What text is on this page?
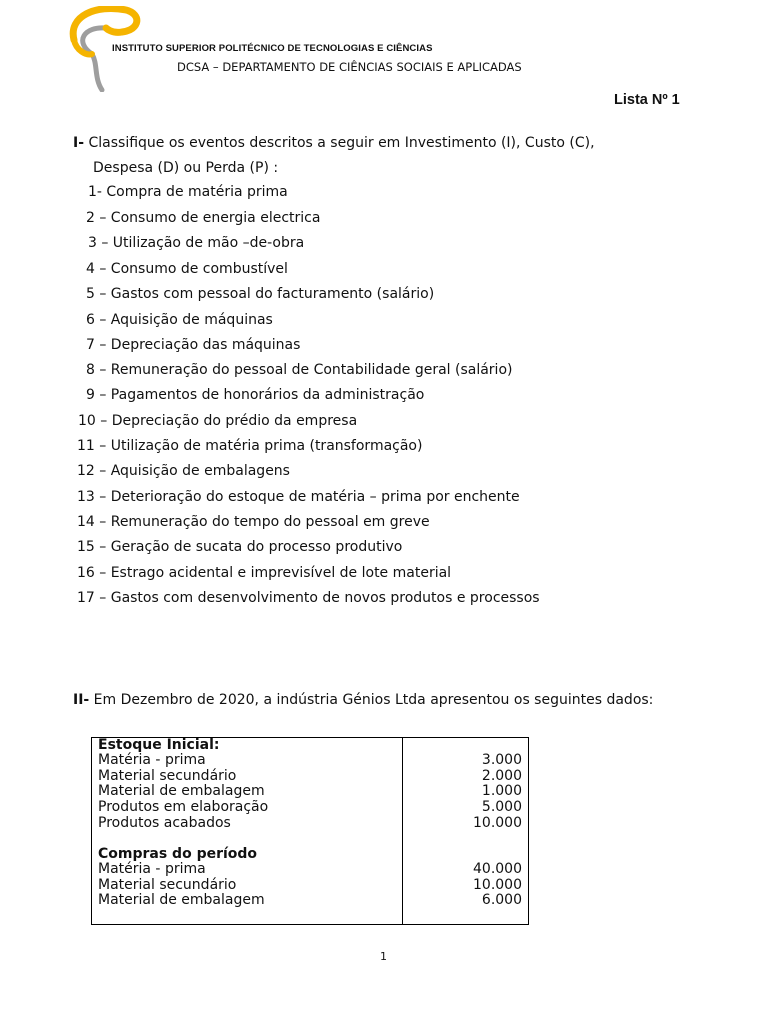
INSTITUTO SUPERIOR POLITÉCNICO DE TECNOLOGIAS E CIÊNCIAS
DCSA – DEPARTAMENTO DE CIÊNCIAS SOCIAIS E APLICADAS
Lista Nº 1
I- Classifique os eventos descritos a seguir em Investimento (I), Custo (C),
Despesa (D) ou Perda (P) :
1- Compra de matéria prima
2 – Consumo de energia electrica
3 – Utilização de mão –de-obra
4 – Consumo de combustível
5 – Gastos com pessoal do facturamento (salário)
6 – Aquisição de máquinas
7 – Depreciação das máquinas
8 – Remuneração do pessoal de Contabilidade geral (salário)
9 – Pagamentos de honorários da administração
10 – Depreciação do prédio da empresa
11 – Utilização de matéria prima (transformação)
12 – Aquisição de embalagens
13 – Deterioração do estoque de matéria – prima por enchente
14 – Remuneração do tempo do pessoal em greve
15 – Geração de sucata do processo produtivo
16 – Estrago acidental e imprevisível de lote material
17 – Gastos com desenvolvimento de novos produtos e processos
II- Em Dezembro de 2020, a indústria Génios Ltda apresentou os seguintes dados:
Estoque Inicial:
Matéria - prima	3.000
Material secundário	2.000
Material de embalagem	1.000
Produtos em elaboração	5.000
Produtos acabados	10.000
Compras do período
Matéria - prima	40.000
Material secundário	10.000
Material de embalagem	6.000
1
